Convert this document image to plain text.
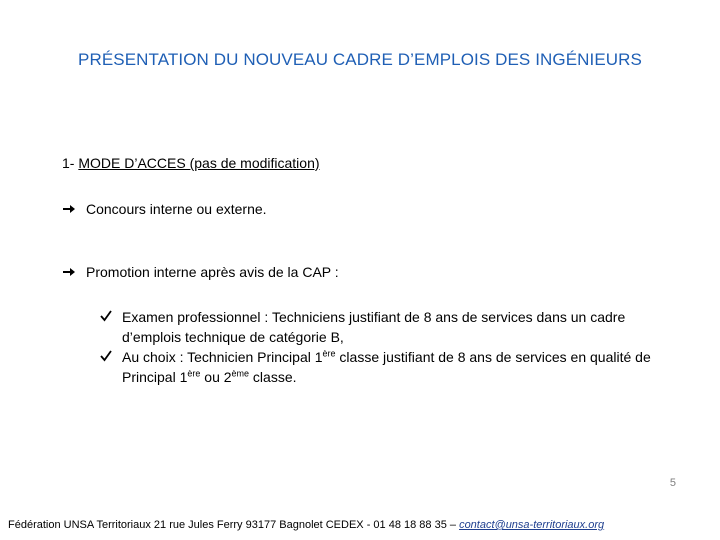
PRÉSENTATION DU NOUVEAU CADRE D’EMPLOIS DES INGÉNIEURS
1- MODE D’ACCES (pas de modification)
Concours interne ou externe.
Promotion interne après avis de la CAP :
Examen professionnel : Techniciens justifiant de 8 ans de services dans un cadre d’emplois technique de catégorie B,
Au choix : Technicien Principal 1ère classe justifiant de 8 ans de services en qualité de Principal 1ère ou 2ème classe.
5
Fédération UNSA Territoriaux 21 rue Jules Ferry 93177 Bagnolet CEDEX - 01 48 18 88 35 – contact@unsa-territoriaux.org
